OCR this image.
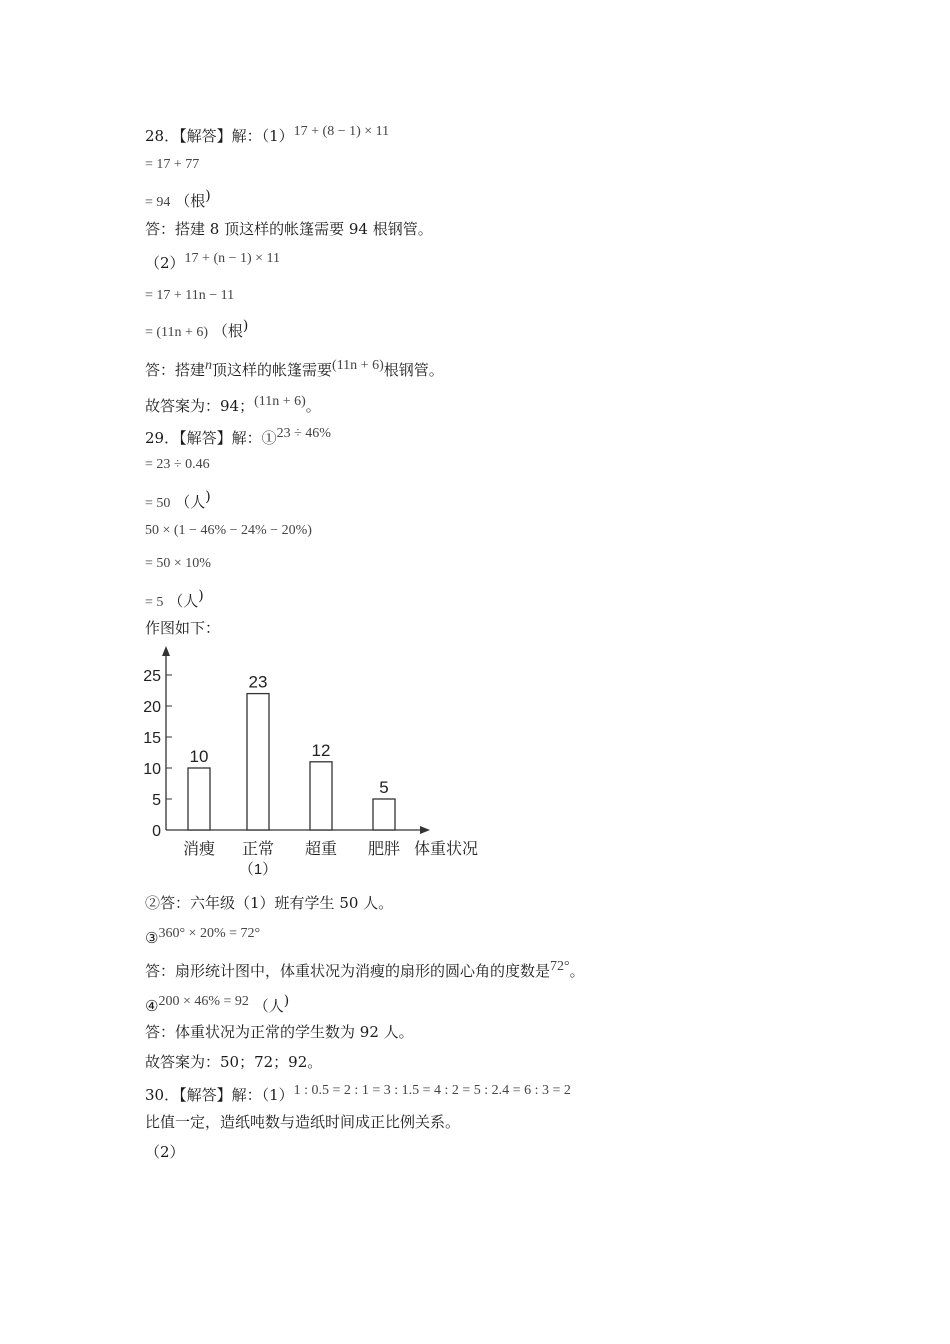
28．【解答】解：（1）17 + (8 − 1) × 11
= 17 + 77
= 94 （根)
答：搭建 8 顶这样的帐篷需要 94 根钢管。
（2）17 + (n − 1) × 11
= 17 + 11n − 11
= (11n + 6) （根)
答：搭建n顶这样的帐篷需要(11n + 6)根钢管。
故答案为：94；(11n + 6)。
29．【解答】解：①23 ÷ 46%
= 23 ÷ 0.46
= 50 （人)
50 × (1 − 46% − 24% − 20%)
= 50 × 10%
= 5 （人)
作图如下：
0
5
10
15
20
25
10
消瘦
23
正常
12
超重
5
肥胖 体重状况
（1）
②答：六年级（1）班有学生 50 人。
③360° × 20% = 72°
答：扇形统计图中，体重状况为消瘦的扇形的圆心角的度数是72°。
④200 × 46% = 92 （人)
答：体重状况为正常的学生数为 92 人。
故答案为：50；72；92。
30．【解答】解：（1）1 : 0.5 = 2 : 1 = 3 : 1.5 = 4 : 2 = 5 : 2.4 = 6 : 3 = 2
比值一定，造纸吨数与造纸时间成正比例关系。
（2）
